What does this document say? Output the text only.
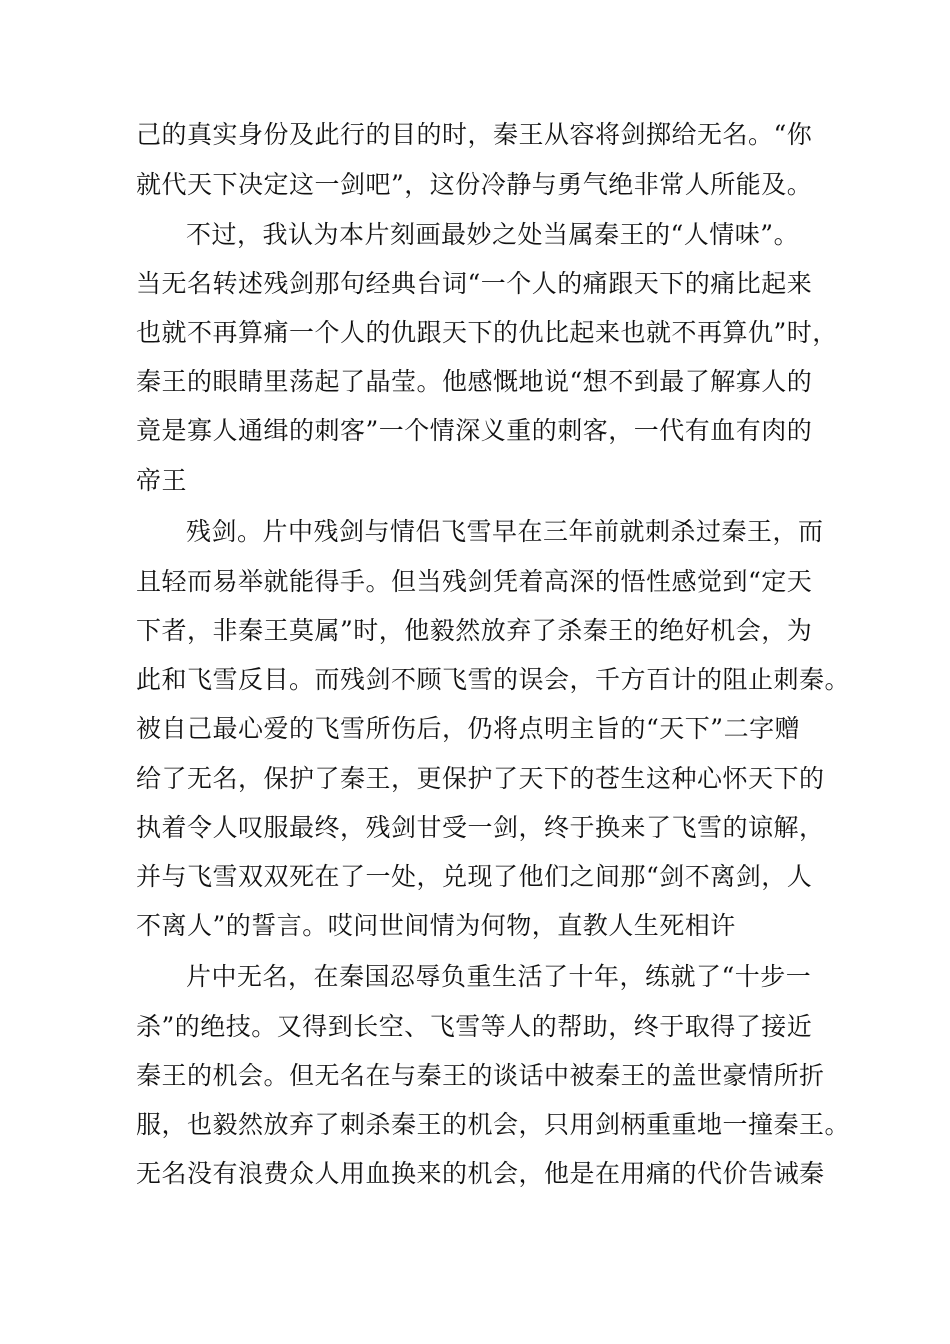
己的真实身份及此行的目的时，秦王从容将剑掷给无名。“你
就代天下决定这一剑吧”，这份冷静与勇气绝非常人所能及。
不过，我认为本片刻画最妙之处当属秦王的“人情味”。
当无名转述残剑那句经典台词“一个人的痛跟天下的痛比起来
也就不再算痛一个人的仇跟天下的仇比起来也就不再算仇”时，
秦王的眼睛里荡起了晶莹。他感慨地说“想不到最了解寡人的
竟是寡人通缉的刺客”一个情深义重的刺客，一代有血有肉的
帝王
残剑。片中残剑与情侣飞雪早在三年前就刺杀过秦王，而
且轻而易举就能得手。但当残剑凭着高深的悟性感觉到“定天
下者，非秦王莫属”时，他毅然放弃了杀秦王的绝好机会，为
此和飞雪反目。而残剑不顾飞雪的误会，千方百计的阻止刺秦。
被自己最心爱的飞雪所伤后，仍将点明主旨的“天下”二字赠
给了无名，保护了秦王，更保护了天下的苍生这种心怀天下的
执着令人叹服最终，残剑甘受一剑，终于换来了飞雪的谅解，
并与飞雪双双死在了一处，兑现了他们之间那“剑不离剑，人
不离人”的誓言。哎问世间情为何物，直教人生死相许
片中无名，在秦国忍辱负重生活了十年，练就了“十步一
杀”的绝技。又得到长空、飞雪等人的帮助，终于取得了接近
秦王的机会。但无名在与秦王的谈话中被秦王的盖世豪情所折
服，也毅然放弃了刺杀秦王的机会，只用剑柄重重地一撞秦王。
无名没有浪费众人用血换来的机会，他是在用痛的代价告诫秦
